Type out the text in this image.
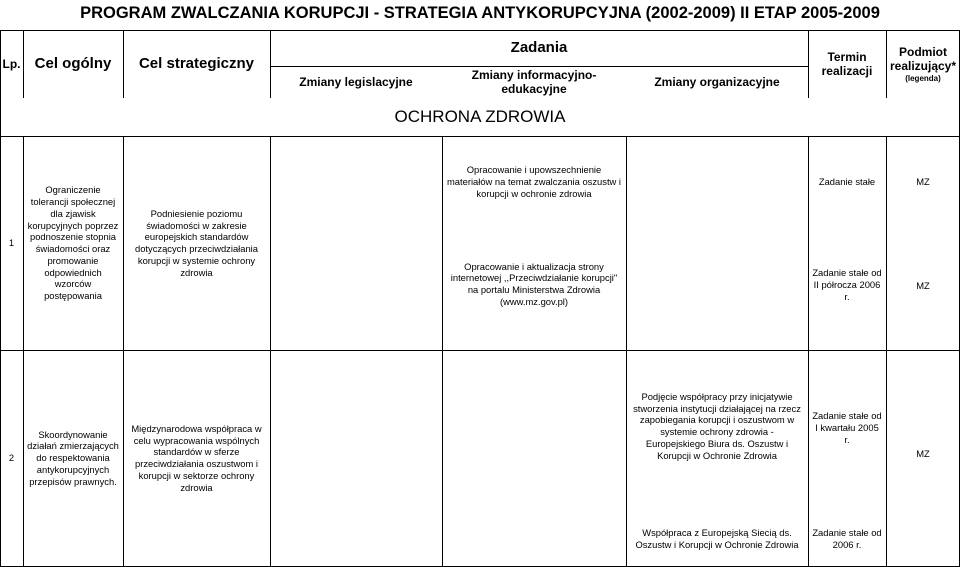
PROGRAM ZWALCZANIA KORUPCJI - STRATEGIA ANTYKORUPCYJNA (2002-2009) II ETAP 2005-2009
Lp. Cel ogólny	Cel strategiczny
Zadania
Zmiany legislacyjne
Zmiany informacyjno-edukacyjne
Zmiany organizacyjne
Termin
realizacji
Podmiot
realizujący*
(legenda)
OCHRONA ZDROWIA
1
Ograniczenie tolerancji społecznej dla zjawisk korupcyjnych poprzez podnoszenie stopnia świadomości oraz promowanie odpowiednich wzorców postępowania
Podniesienie poziomu świadomości w zakresie europejskich standardów dotyczących przeciwdziałania korupcji w systemie ochrony zdrowia
Opracowanie i upowszechnienie materiałów na temat zwalczania oszustw i korupcji w ochronie zdrowia
Zadanie stałe	MZ
Opracowanie i aktualizacja strony internetowej ,,Przeciwdziałanie korupcji" na portalu Ministerstwa Zdrowia (www.mz.gov.pl)
Zadanie stałe od II półrocza 2006 r.
MZ
2
Skoordynowanie działań zmierzających do respektowania antykorupcyjnych przepisów prawnych.
Międzynarodowa współpraca w celu wypracowania wspólnych standardów w sferze przeciwdziałania oszustwom i korupcji w sektorze ochrony zdrowia
Podjęcie współpracy przy inicjatywie stworzenia instytucji działającej na rzecz zapobiegania korupcji i oszustwom w systemie ochrony zdrowia - Europejskiego Biura ds. Oszustw i Korupcji w Ochronie Zdrowia
Zadanie stałe od I kwartału 2005 r.
MZ
Współpraca z Europejską Siecią ds. Oszustw i Korupcji w Ochronie Zdrowia
Zadanie stałe od 2006 r.
